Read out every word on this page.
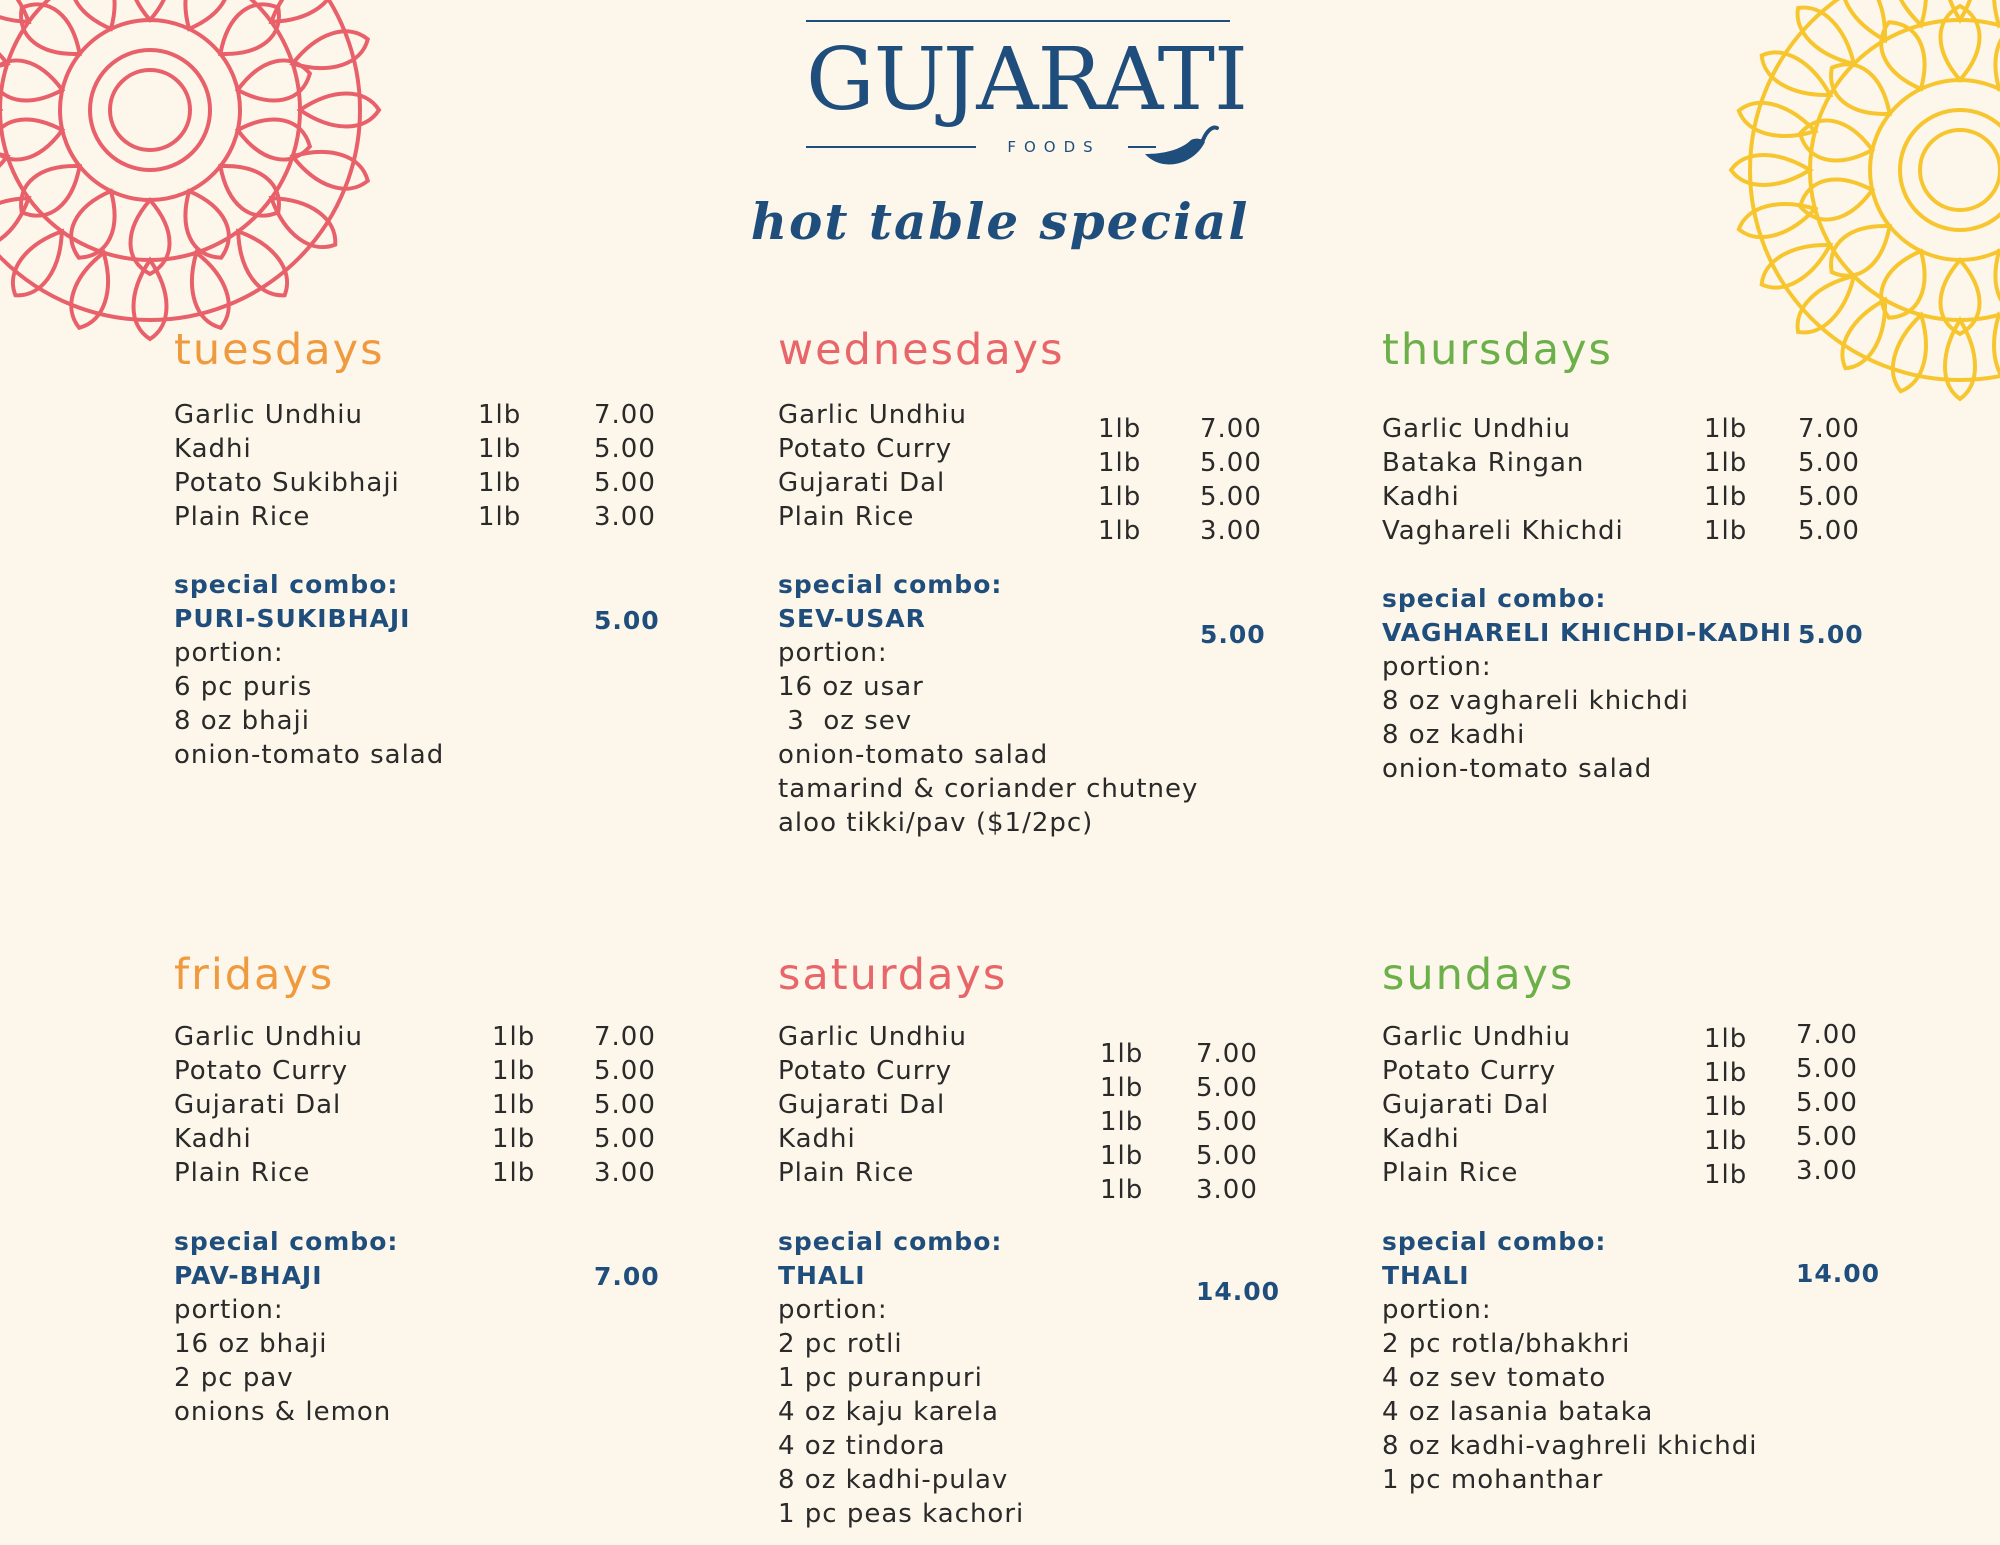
GUJARATI
FOODS
hot table special
tuesdays
Garlic Undhiu
Kadhi
Potato Sukibhaji
Plain Rice
1lb
1lb
1lb
1lb
7.00
5.00
5.00
3.00
special combo:
PURI-SUKIBHAJI
portion:
6 pc puris
8 oz bhaji
onion-tomato salad
5.00
wednesdays
Garlic Undhiu
Potato Curry
Gujarati Dal
Plain Rice
1lb
1lb
1lb
1lb
7.00
5.00
5.00
3.00
special combo:
SEV-USAR
portion:
16 oz usar
3  oz sev
onion-tomato salad
tamarind & coriander chutney
aloo tikki/pav ($1/2pc)
5.00
thursdays
Garlic Undhiu
Bataka Ringan
Kadhi
Vaghareli Khichdi
1lb
1lb
1lb
1lb
7.00
5.00
5.00
5.00
special combo:
VAGHARELI KHICHDI-KADHI
portion:
8 oz vaghareli khichdi
8 oz kadhi
onion-tomato salad
5.00
fridays
Garlic Undhiu
Potato Curry
Gujarati Dal
Kadhi
Plain Rice
1lb
1lb
1lb
1lb
1lb
7.00
5.00
5.00
5.00
3.00
special combo:
PAV-BHAJI
portion:
16 oz bhaji
2 pc pav
onions & lemon
7.00
saturdays
Garlic Undhiu
Potato Curry
Gujarati Dal
Kadhi
Plain Rice
1lb
1lb
1lb
1lb
1lb
7.00
5.00
5.00
5.00
3.00
special combo:
THALI
portion:
2 pc rotli
1 pc puranpuri
4 oz kaju karela
4 oz tindora
8 oz kadhi-pulav
1 pc peas kachori
14.00
sundays
Garlic Undhiu
Potato Curry
Gujarati Dal
Kadhi
Plain Rice
1lb
1lb
1lb
1lb
1lb
7.00
5.00
5.00
5.00
3.00
special combo:
THALI
portion:
2 pc rotla/bhakhri
4 oz sev tomato
4 oz lasania bataka
8 oz kadhi-vaghreli khichdi
1 pc mohanthar
14.00
